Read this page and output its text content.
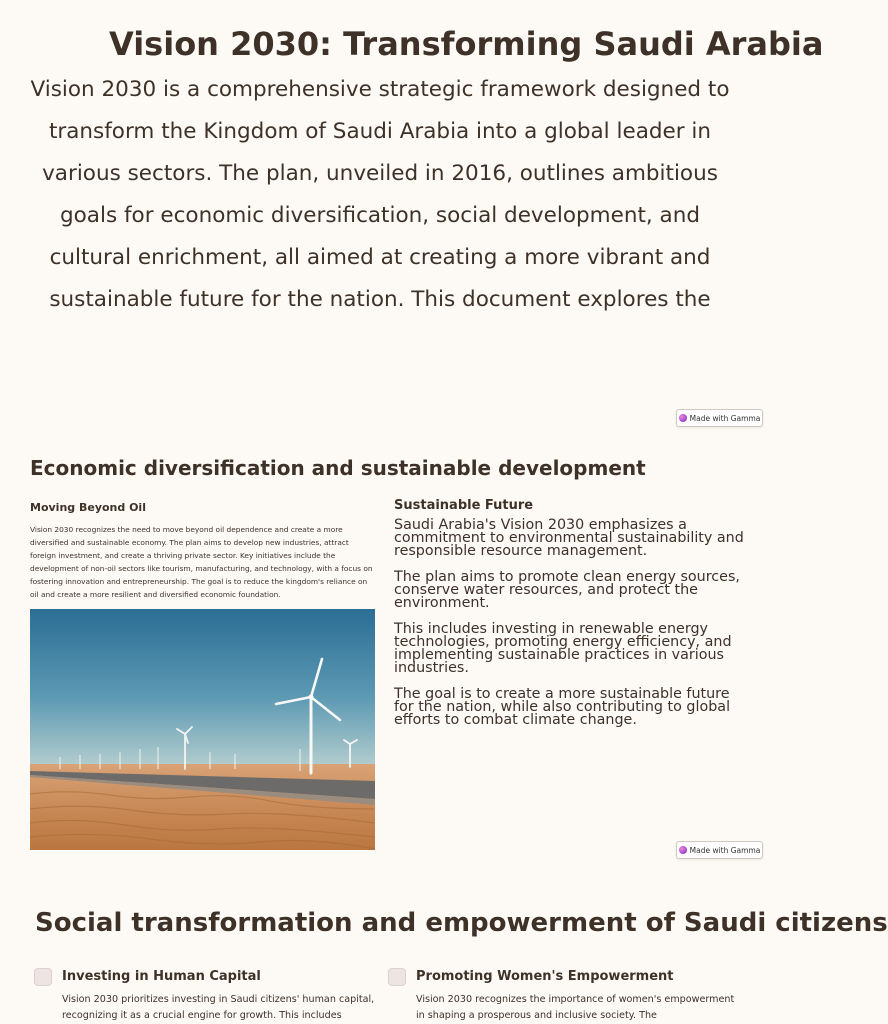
Vision 2030: Transforming Saudi Arabia

Vision 2030 is a comprehensive strategic framework designed to

transform the Kingdom of Saudi Arabia into a global leader in

various sectors. The plan, unveiled in 2016, outlines ambitious

goals for economic diversification, social development, and

cultural enrichment, all aimed at creating a more vibrant and

sustainable future for the nation. This document explores the

Made with Gamma
Economic diversification and sustainable development
Moving Beyond Oil

Vision 2030 recognizes the need to move beyond oil dependence and create a more diversified and sustainable economy. The plan aims to develop new industries, attract foreign investment, and create a thriving private sector. Key initiatives include the development of non-oil sectors like tourism, manufacturing, and technology, with a focus on fostering innovation and entrepreneurship. The goal is to reduce the kingdom's reliance on oil and create a more resilient and diversified economic foundation.

Sustainable Future

Saudi Arabia's Vision 2030 emphasizes a commitment to environmental sustainability and responsible resource management.

The plan aims to promote clean energy sources, conserve water resources, and protect the environment.

This includes investing in renewable energy technologies, promoting energy efficiency, and implementing sustainable practices in various industries.

The goal is to create a more sustainable future for the nation, while also contributing to global efforts to combat climate change.

Made with Gamma
Social transformation and empowerment of Saudi citizens
Investing in Human Capital

Vision 2030 prioritizes investing in Saudi citizens' human capital, recognizing it as a crucial engine for growth. This includes

Promoting Women's Empowerment

Vision 2030 recognizes the importance of women's empowerment in shaping a prosperous and inclusive society. The
